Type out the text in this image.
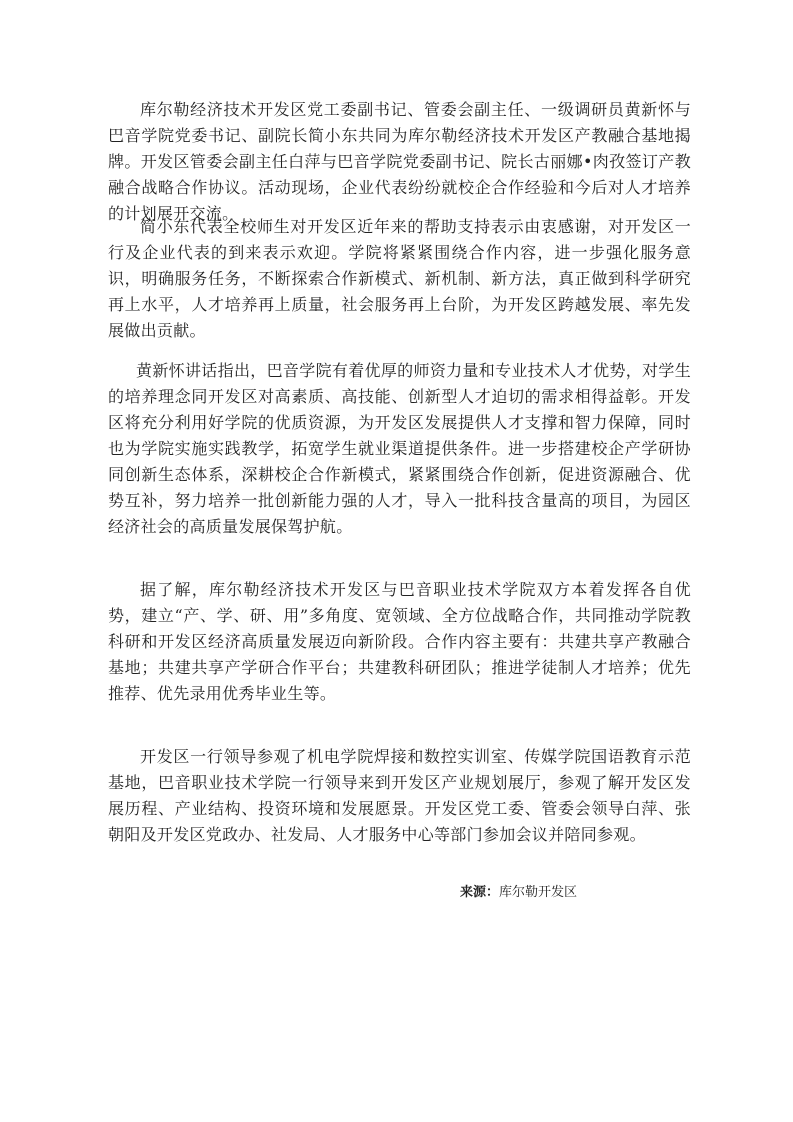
库尔勒经济技术开发区党工委副书记、管委会副主任、一级调研员黄新怀与巴音学院党委书记、副院长简小东共同为库尔勒经济技术开发区产教融合基地揭牌。开发区管委会副主任白萍与巴音学院党委副书记、院长古丽娜•肉孜签订产教融合战略合作协议。活动现场，企业代表纷纷就校企合作经验和今后对人才培养的计划展开交流。

简小东代表全校师生对开发区近年来的帮助支持表示由衷感谢，对开发区一行及企业代表的到来表示欢迎。学院将紧紧围绕合作内容，进一步强化服务意识，明确服务任务，不断探索合作新模式、新机制、新方法，真正做到科学研究再上水平，人才培养再上质量，社会服务再上台阶，为开发区跨越发展、率先发展做出贡献。

黄新怀讲话指出，巴音学院有着优厚的师资力量和专业技术人才优势，对学生的培养理念同开发区对高素质、高技能、创新型人才迫切的需求相得益彰。开发区将充分利用好学院的优质资源，为开发区发展提供人才支撑和智力保障，同时也为学院实施实践教学，拓宽学生就业渠道提供条件。进一步搭建校企产学研协同创新生态体系，深耕校企合作新模式，紧紧围绕合作创新，促进资源融合、优势互补，努力培养一批创新能力强的人才，导入一批科技含量高的项目，为园区经济社会的高质量发展保驾护航。

据了解，库尔勒经济技术开发区与巴音职业技术学院双方本着发挥各自优势，建立“产、学、研、用”多角度、宽领域、全方位战略合作，共同推动学院教科研和开发区经济高质量发展迈向新阶段。合作内容主要有：共建共享产教融合基地；共建共享产学研合作平台；共建教科研团队；推进学徒制人才培养；优先推荐、优先录用优秀毕业生等。

开发区一行领导参观了机电学院焊接和数控实训室、传媒学院国语教育示范基地，巴音职业技术学院一行领导来到开发区产业规划展厅，参观了解开发区发展历程、产业结构、投资环境和发展愿景。开发区党工委、管委会领导白萍、张朝阳及开发区党政办、社发局、人才服务中心等部门参加会议并陪同参观。

来源：库尔勒开发区
